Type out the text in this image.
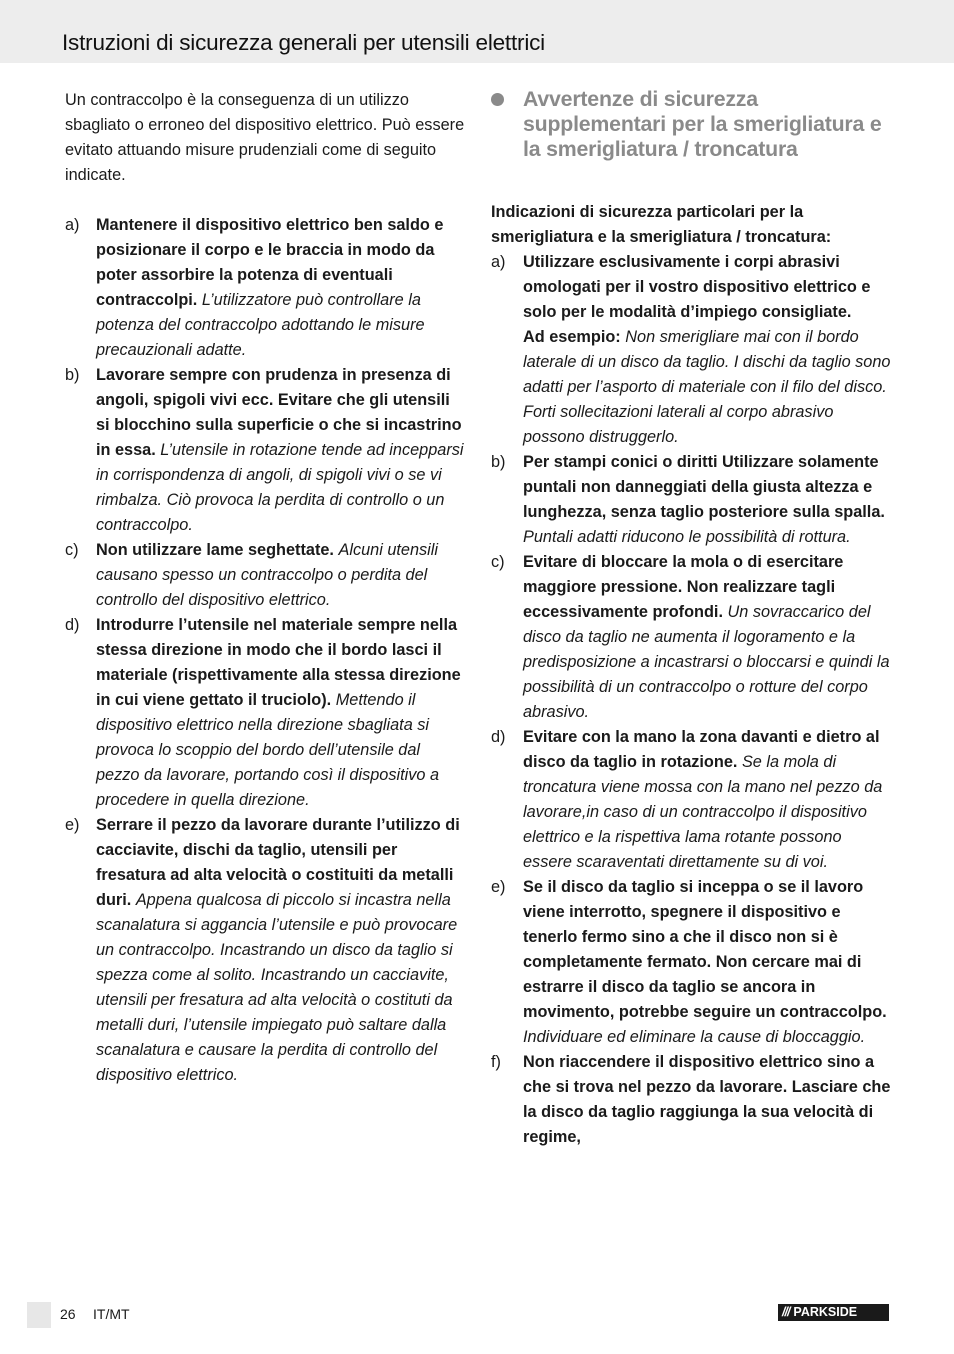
Istruzioni di sicurezza generali per utensili elettrici

Un contraccolpo è la conseguenza di un utilizzo sbagliato o erroneo del dispositivo elettrico. Può essere evitato attuando misure prudenziali come di seguito indicate.

a) Mantenere il dispositivo elettrico ben saldo e posizionare il corpo e le braccia in modo da poter assorbire la potenza di eventuali contraccolpi. L’utilizzatore può controllare la potenza del contraccolpo adottando le misure precauzionali adatte.
b) Lavorare sempre con prudenza in presenza di angoli, spigoli vivi ecc. Evitare che gli utensili si blocchino sulla superficie o che si incastrino in essa. L’utensile in rotazione tende ad incepparsi in corrispondenza di angoli, di spigoli vivi o se vi rimbalza. Ciò provoca la perdita di controllo o un contraccolpo.
c) Non utilizzare lame seghettate. Alcuni utensili causano spesso un contraccolpo o perdita del controllo del dispositivo elettrico.
d) Introdurre l’utensile nel materiale sempre nella stessa direzione in modo che il bordo lasci il materiale (rispettivamente alla stessa direzione in cui viene gettato il truciolo). Mettendo il dispositivo elettrico nella direzione sbagliata si provoca lo scoppio del bordo dell’utensile dal pezzo da lavorare, portando così il dispositivo a procedere in quella direzione.
e) Serrare il pezzo da lavorare durante l’utilizzo di cacciavite, dischi da taglio, utensili per fresatura ad alta velocità o costituiti da metalli duri. Appena qualcosa di piccolo si incastra nella scanalatura si aggancia l’utensile e può provocare un contraccolpo. Incastrando un disco da taglio si spezza come al solito. Incastrando un cacciavite, utensili per fresatura ad alta velocità o costituti da metalli duri, l’utensile impiegato può saltare dalla scanalatura e causare la perdita di controllo del dispositivo elettrico.
Avvertenze di sicurezza supplementari per la smerigliatura e la smerigliatura / troncatura

Indicazioni di sicurezza particolari per la smerigliatura e la smerigliatura / troncatura:

a) Utilizzare esclusivamente i corpi abrasivi omologati per il vostro dispositivo elettrico e solo per le modalità d’impiego consigliate.
Ad esempio: Non smerigliare mai con il bordo laterale di un disco da taglio. I dischi da taglio sono adatti per l’asporto di materiale con il filo del disco. Forti sollecitazioni laterali al corpo abrasivo possono distruggerlo.
b) Per stampi conici o diritti Utilizzare solamente puntali non danneggiati della giusta altezza e lunghezza, senza taglio posteriore sulla spalla. Puntali adatti riducono le possibilità di rottura.
c) Evitare di bloccare la mola o di esercitare maggiore pressione. Non realizzare tagli eccessivamente profondi. Un sovraccarico del disco da taglio ne aumenta il logoramento e la predisposizione a incastrarsi o bloccarsi e quindi la possibilità di un contraccolpo o rotture del corpo abrasivo.
d) Evitare con la mano la zona davanti e dietro al disco da taglio in rotazione. Se la mola di troncatura viene mossa con la mano nel pezzo da lavorare,in caso di un contraccolpo il dispositivo elettrico e la rispettiva lama rotante possono essere scaraventati direttamente su di voi.
e) Se il disco da taglio si inceppa o se il lavoro viene interrotto, spegnere il dispositivo e tenerlo fermo sino a che il disco non si è completamente fermato. Non cercare mai di estrarre il disco da taglio se ancora in movimento, potrebbe seguire un contraccolpo. Individuare ed eliminare la cause di bloccaggio.
f) Non riaccendere il dispositivo elettrico sino a che si trova nel pezzo da lavorare. Lasciare che la disco da taglio raggiunga la sua velocità di regime,
26 IT/MT	/// PARKSIDE
